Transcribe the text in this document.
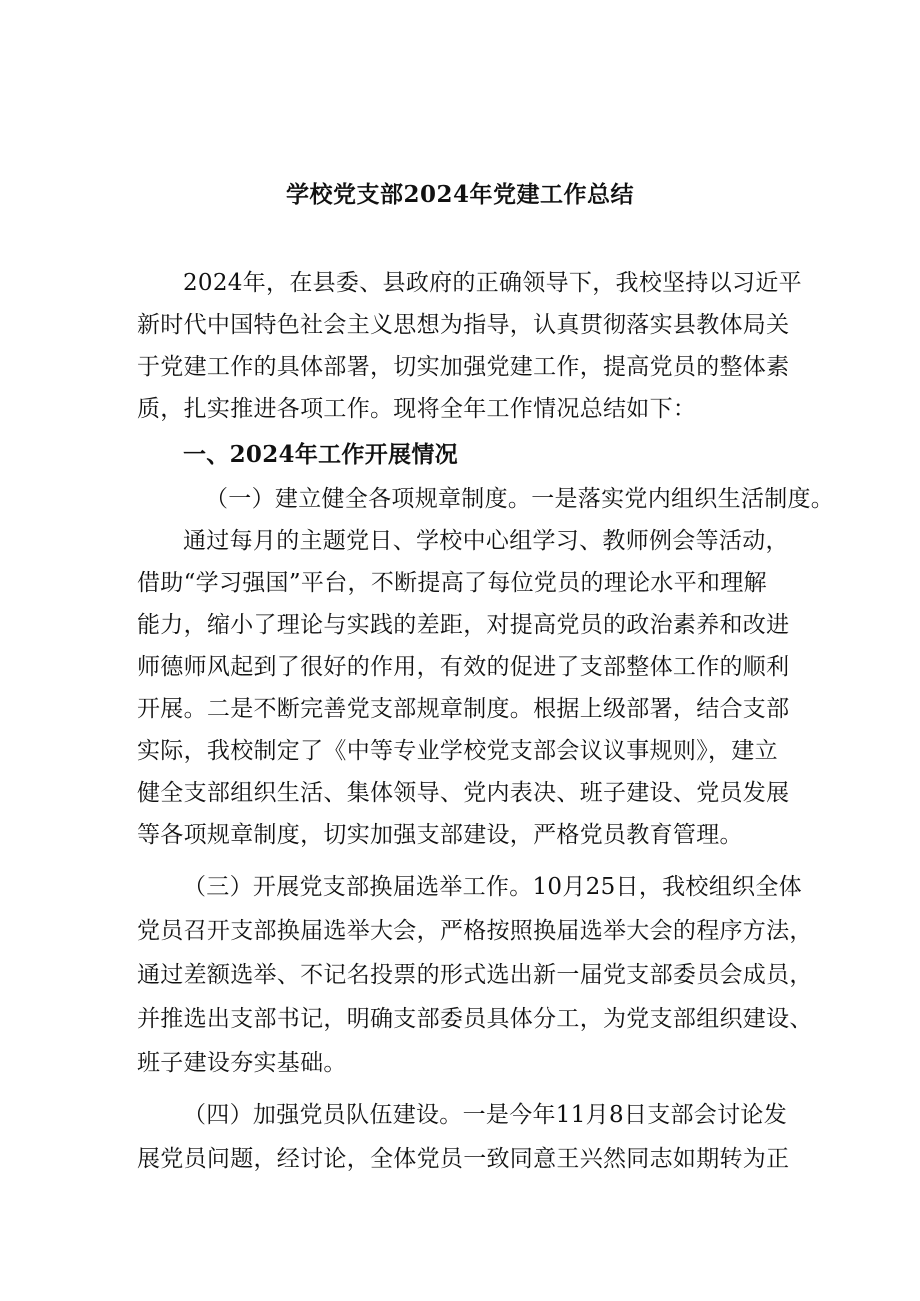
学校党支部2024年党建工作总结
2024年，在县委、县政府的正确领导下，我校坚持以习近平
新时代中国特色社会主义思想为指导，认真贯彻落实县教体局关
于党建工作的具体部署，切实加强党建工作，提高党员的整体素
质，扎实推进各项工作。现将全年工作情况总结如下：
一、2024年工作开展情况
（一）建立健全各项规章制度。一是落实党内组织生活制度。
通过每月的主题党日、学校中心组学习、教师例会等活动，
借助“学习强国”平台，不断提高了每位党员的理论水平和理解
能力，缩小了理论与实践的差距，对提高党员的政治素养和改进
师德师风起到了很好的作用，有效的促进了支部整体工作的顺利
开展。二是不断完善党支部规章制度。根据上级部署，结合支部
实际，我校制定了《中等专业学校党支部会议议事规则》，建立
健全支部组织生活、集体领导、党内表决、班子建设、党员发展
等各项规章制度，切实加强支部建设，严格党员教育管理。
（三）开展党支部换届选举工作。10月25日，我校组织全体
党员召开支部换届选举大会，严格按照换届选举大会的程序方法，
通过差额选举、不记名投票的形式选出新一届党支部委员会成员，
并推选出支部书记，明确支部委员具体分工，为党支部组织建设、
班子建设夯实基础。
（四）加强党员队伍建设。一是今年11月8日支部会讨论发
展党员问题，经讨论，全体党员一致同意王兴然同志如期转为正
